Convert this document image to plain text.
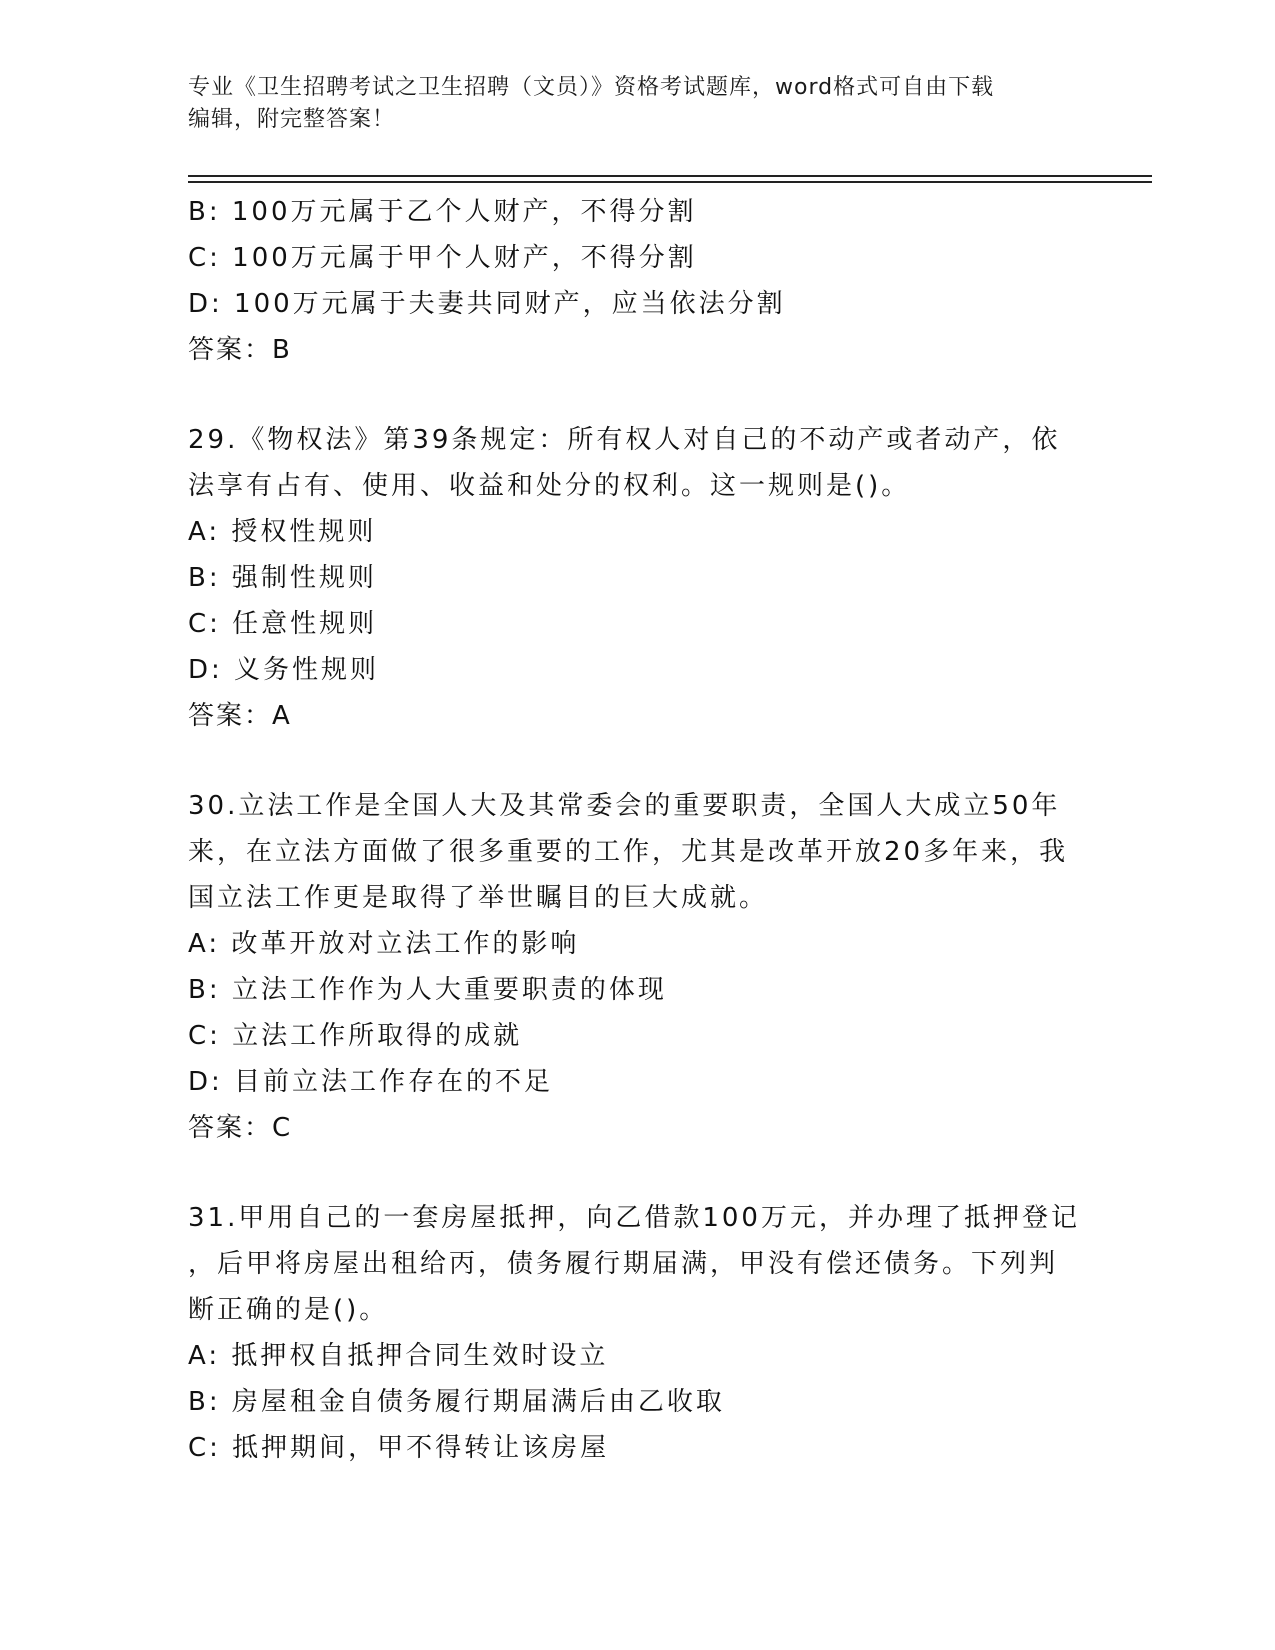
专业《卫生招聘考试之卫生招聘（文员）》资格考试题库，word格式可自由下载
编辑，附完整答案！
B: 100万元属于乙个人财产，不得分割
C: 100万元属于甲个人财产，不得分割
D: 100万元属于夫妻共同财产，应当依法分割
答案：B
29.《物权法》第39条规定：所有权人对自己的不动产或者动产，依
法享有占有、使用、收益和处分的权利。这一规则是()。
A: 授权性规则
B: 强制性规则
C: 任意性规则
D: 义务性规则
答案：A
30.立法工作是全国人大及其常委会的重要职责，全国人大成立50年
来，在立法方面做了很多重要的工作，尤其是改革开放20多年来，我
国立法工作更是取得了举世瞩目的巨大成就。
A: 改革开放对立法工作的影响
B: 立法工作作为人大重要职责的体现
C: 立法工作所取得的成就
D: 目前立法工作存在的不足
答案：C
31.甲用自己的一套房屋抵押，向乙借款100万元，并办理了抵押登记
，后甲将房屋出租给丙，债务履行期届满，甲没有偿还债务。下列判
断正确的是()。
A: 抵押权自抵押合同生效时设立
B: 房屋租金自债务履行期届满后由乙收取
C: 抵押期间，甲不得转让该房屋
